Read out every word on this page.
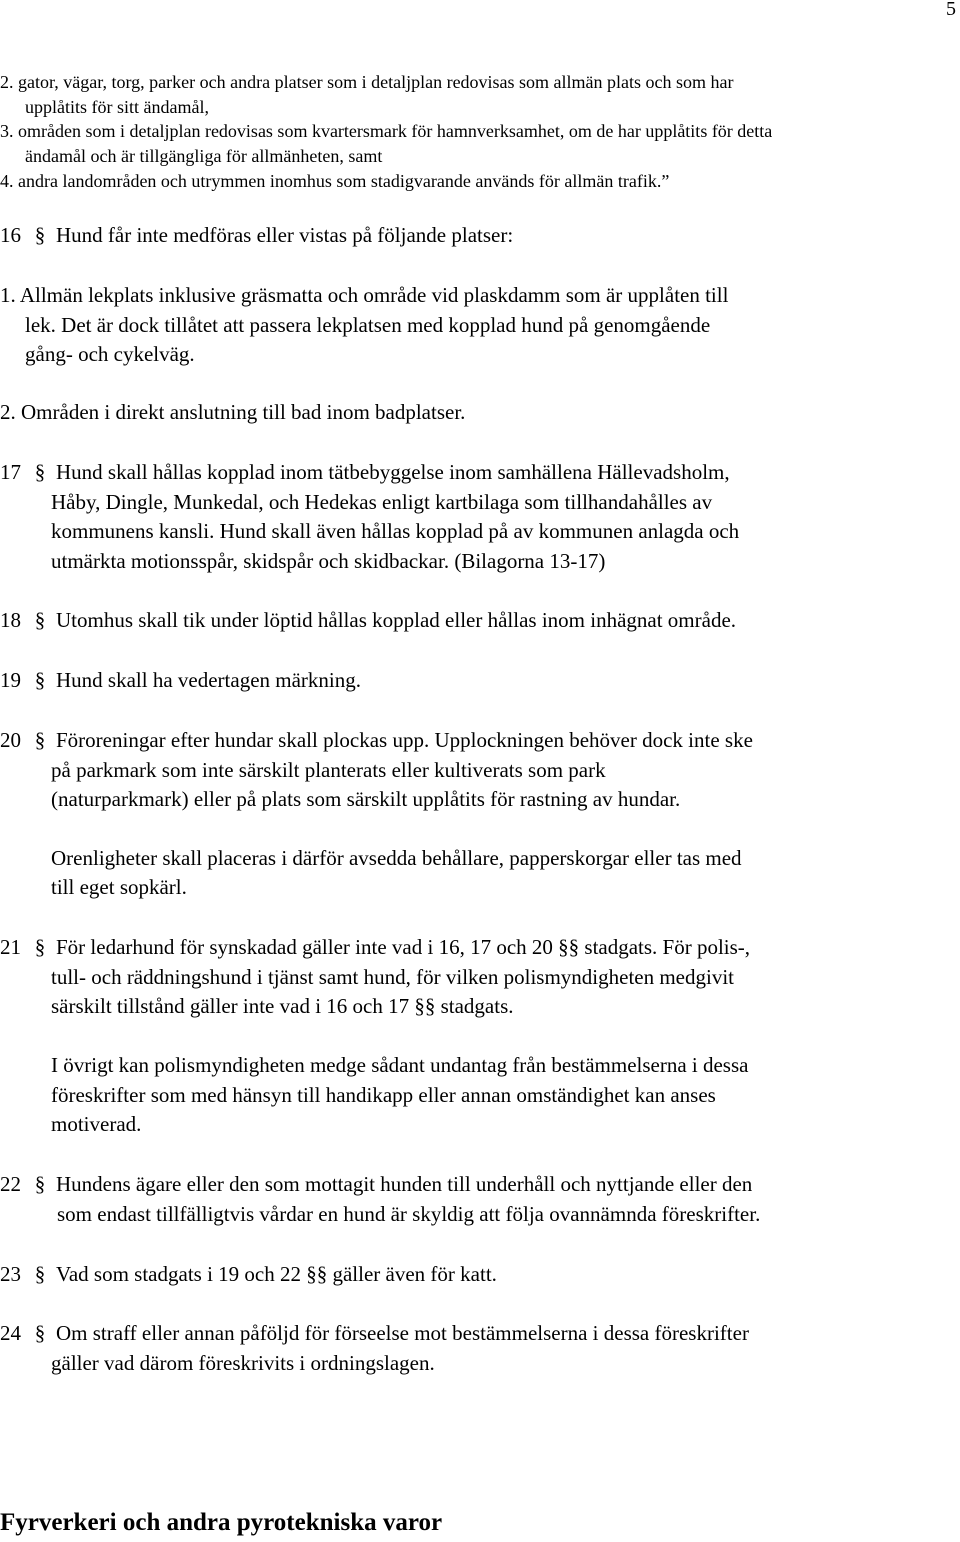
5
2. gator, vägar, torg, parker och andra platser som i detaljplan redovisas som allmän plats och som har
upplåtits för sitt ändamål,
3. områden som i detaljplan redovisas som kvartersmark för hamnverksamhet, om de har upplåtits för detta
ändamål och är tillgängliga för allmänheten, samt
4. andra landområden och utrymmen inomhus som stadigvarande används för allmän trafik.”
16 § Hund får inte medföras eller vistas på följande platser:
1. Allmän lekplats inklusive gräsmatta och område vid plaskdamm som är upplåten till
lek. Det är dock tillåtet att passera lekplatsen med kopplad hund på genomgående
gång- och cykelväg.
2. Områden i direkt anslutning till bad inom badplatser.
17 § Hund skall hållas kopplad inom tätbebyggelse inom samhällena Hällevadsholm,
Håby, Dingle, Munkedal, och Hedekas enligt kartbilaga som tillhandahålles av
kommunens kansli. Hund skall även hållas kopplad på av kommunen anlagda och
utmärkta motionsspår, skidspår och skidbackar. (Bilagorna 13-17)
18 § Utomhus skall tik under löptid hållas kopplad eller hållas inom inhägnat område.
19 § Hund skall ha vedertagen märkning.
20 § Föroreningar efter hundar skall plockas upp. Upplockningen behöver dock inte ske
på parkmark som inte särskilt planterats eller kultiverats som park
(naturparkmark) eller på plats som särskilt upplåtits för rastning av hundar.
Orenligheter skall placeras i därför avsedda behållare, papperskorgar eller tas med
till eget sopkärl.
21 § För ledarhund för synskadad gäller inte vad i 16, 17 och 20 §§ stadgats. För polis-,
tull- och räddningshund i tjänst samt hund, för vilken polismyndigheten medgivit
särskilt tillstånd gäller inte vad i 16 och 17 §§ stadgats.
I övrigt kan polismyndigheten medge sådant undantag från bestämmelserna i dessa
föreskrifter som med hänsyn till handikapp eller annan omständighet kan anses
motiverad.
22 § Hundens ägare eller den som mottagit hunden till underhåll och nyttjande eller den
som endast tillfälligtvis vårdar en hund är skyldig att följa ovannämnda föreskrifter.
23 § Vad som stadgats i 19 och 22 §§ gäller även för katt.
24 § Om straff eller annan påföljd för förseelse mot bestämmelserna i dessa föreskrifter
gäller vad därom föreskrivits i ordningslagen.
Fyrverkeri och andra pyrotekniska varor
